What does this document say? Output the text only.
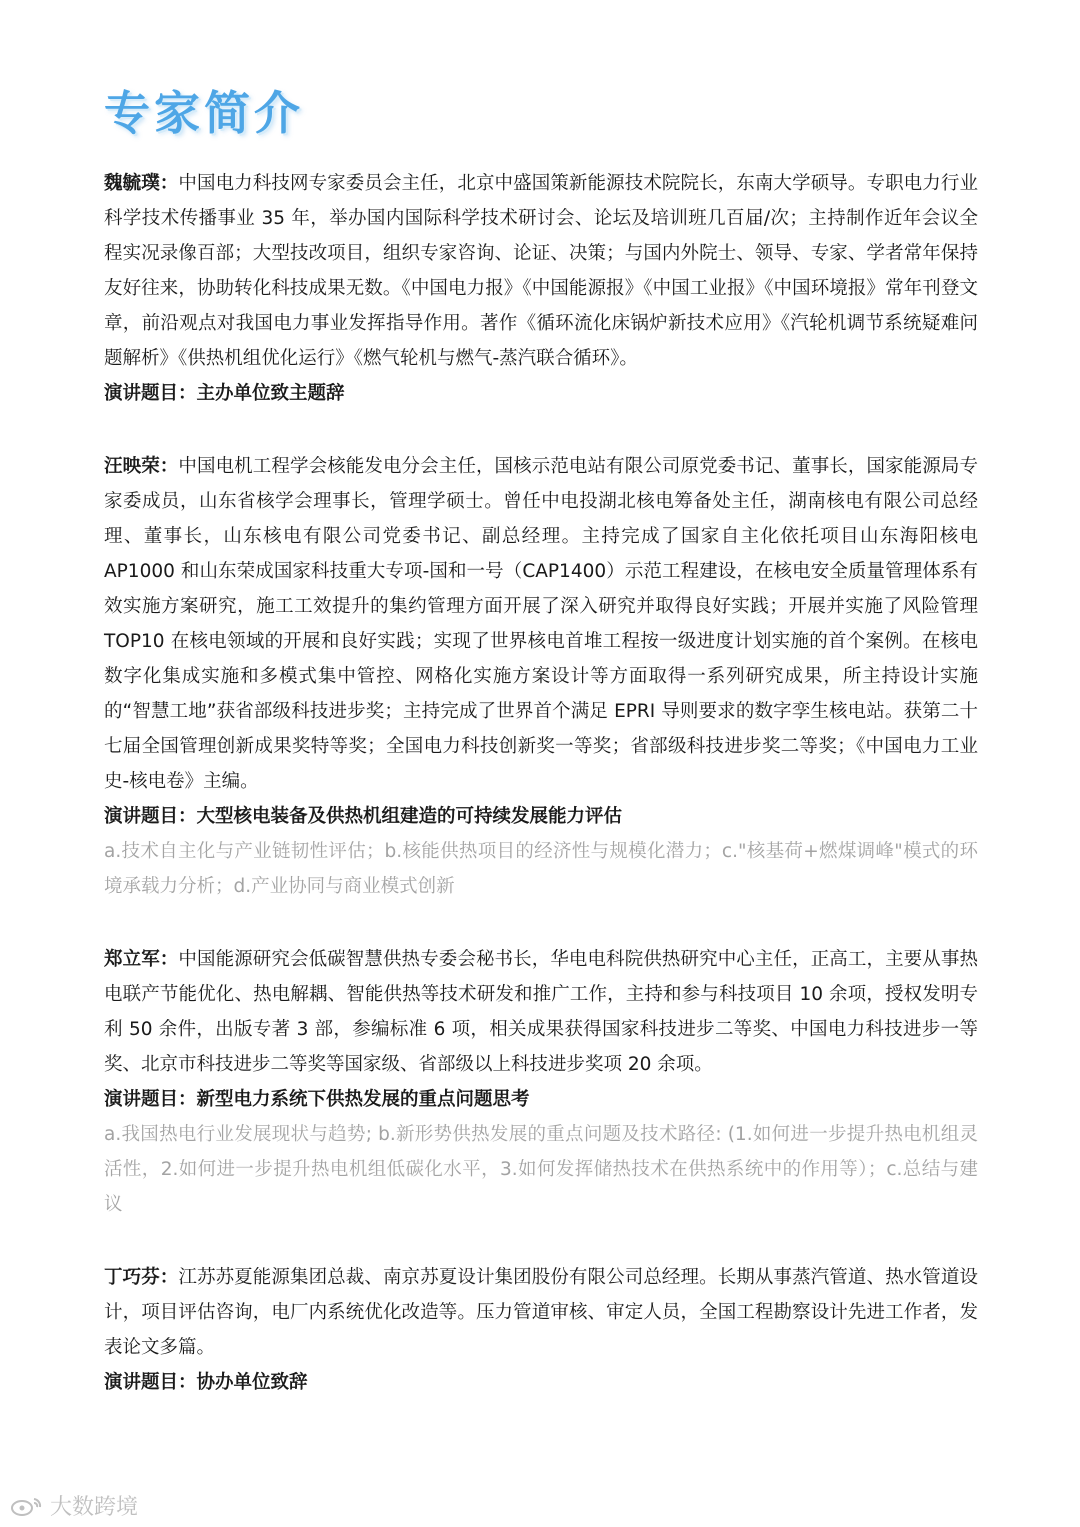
专家简介

魏毓璞：中国电力科技网专家委员会主任，北京中盛国策新能源技术院院长，东南大学硕导。专职电力行业科学技术传播事业 35 年，举办国内国际科学技术研讨会、论坛及培训班几百届/次；主持制作近年会议全程实况录像百部；大型技改项目，组织专家咨询、论证、决策；与国内外院士、领导、专家、学者常年保持友好往来，协助转化科技成果无数。《中国电力报》《中国能源报》《中国工业报》《中国环境报》常年刊登文章，前沿观点对我国电力事业发挥指导作用。著作《循环流化床锅炉新技术应用》《汽轮机调节系统疑难问题解析》《供热机组优化运行》《燃气轮机与燃气-蒸汽联合循环》。

演讲题目：主办单位致主题辞

汪映荣：中国电机工程学会核能发电分会主任，国核示范电站有限公司原党委书记、董事长，国家能源局专家委成员，山东省核学会理事长，管理学硕士。曾任中电投湖北核电筹备处主任，湖南核电有限公司总经理、董事长，山东核电有限公司党委书记、副总经理。主持完成了国家自主化依托项目山东海阳核电 AP1000 和山东荣成国家科技重大专项-国和一号（CAP1400）示范工程建设，在核电安全质量管理体系有效实施方案研究，施工工效提升的集约管理方面开展了深入研究并取得良好实践；开展并实施了风险管理 TOP10 在核电领域的开展和良好实践；实现了世界核电首堆工程按一级进度计划实施的首个案例。在核电数字化集成实施和多模式集中管控、网格化实施方案设计等方面取得一系列研究成果，所主持设计实施的“智慧工地”获省部级科技进步奖；主持完成了世界首个满足 EPRI 导则要求的数字孪生核电站。获第二十七届全国管理创新成果奖特等奖；全国电力科技创新奖一等奖；省部级科技进步奖二等奖；《中国电力工业史-核电卷》主编。

演讲题目：大型核电装备及供热机组建造的可持续发展能力评估

a.技术自主化与产业链韧性评估；b.核能供热项目的经济性与规模化潜力；c."核基荷+燃煤调峰"模式的环境承载力分析；d.产业协同与商业模式创新

郑立军：中国能源研究会低碳智慧供热专委会秘书长，华电电科院供热研究中心主任，正高工，主要从事热电联产节能优化、热电解耦、智能供热等技术研发和推广工作，主持和参与科技项目 10 余项，授权发明专利 50 余件，出版专著 3 部，参编标准 6 项，相关成果获得国家科技进步二等奖、中国电力科技进步一等奖、北京市科技进步二等奖等国家级、省部级以上科技进步奖项 20 余项。

演讲题目：新型电力系统下供热发展的重点问题思考

a.我国热电行业发展现状与趋势; b.新形势供热发展的重点问题及技术路径: (1.如何进一步提升热电机组灵活性，2.如何进一步提升热电机组低碳化水平，3.如何发挥储热技术在供热系统中的作用等）；c.总结与建议

丁巧芬：江苏苏夏能源集团总裁、南京苏夏设计集团股份有限公司总经理。长期从事蒸汽管道、热水管道设计，项目评估咨询，电厂内系统优化改造等。压力管道审核、审定人员，全国工程勘察设计先进工作者，发表论文多篇。

演讲题目：协办单位致辞

大数跨境
